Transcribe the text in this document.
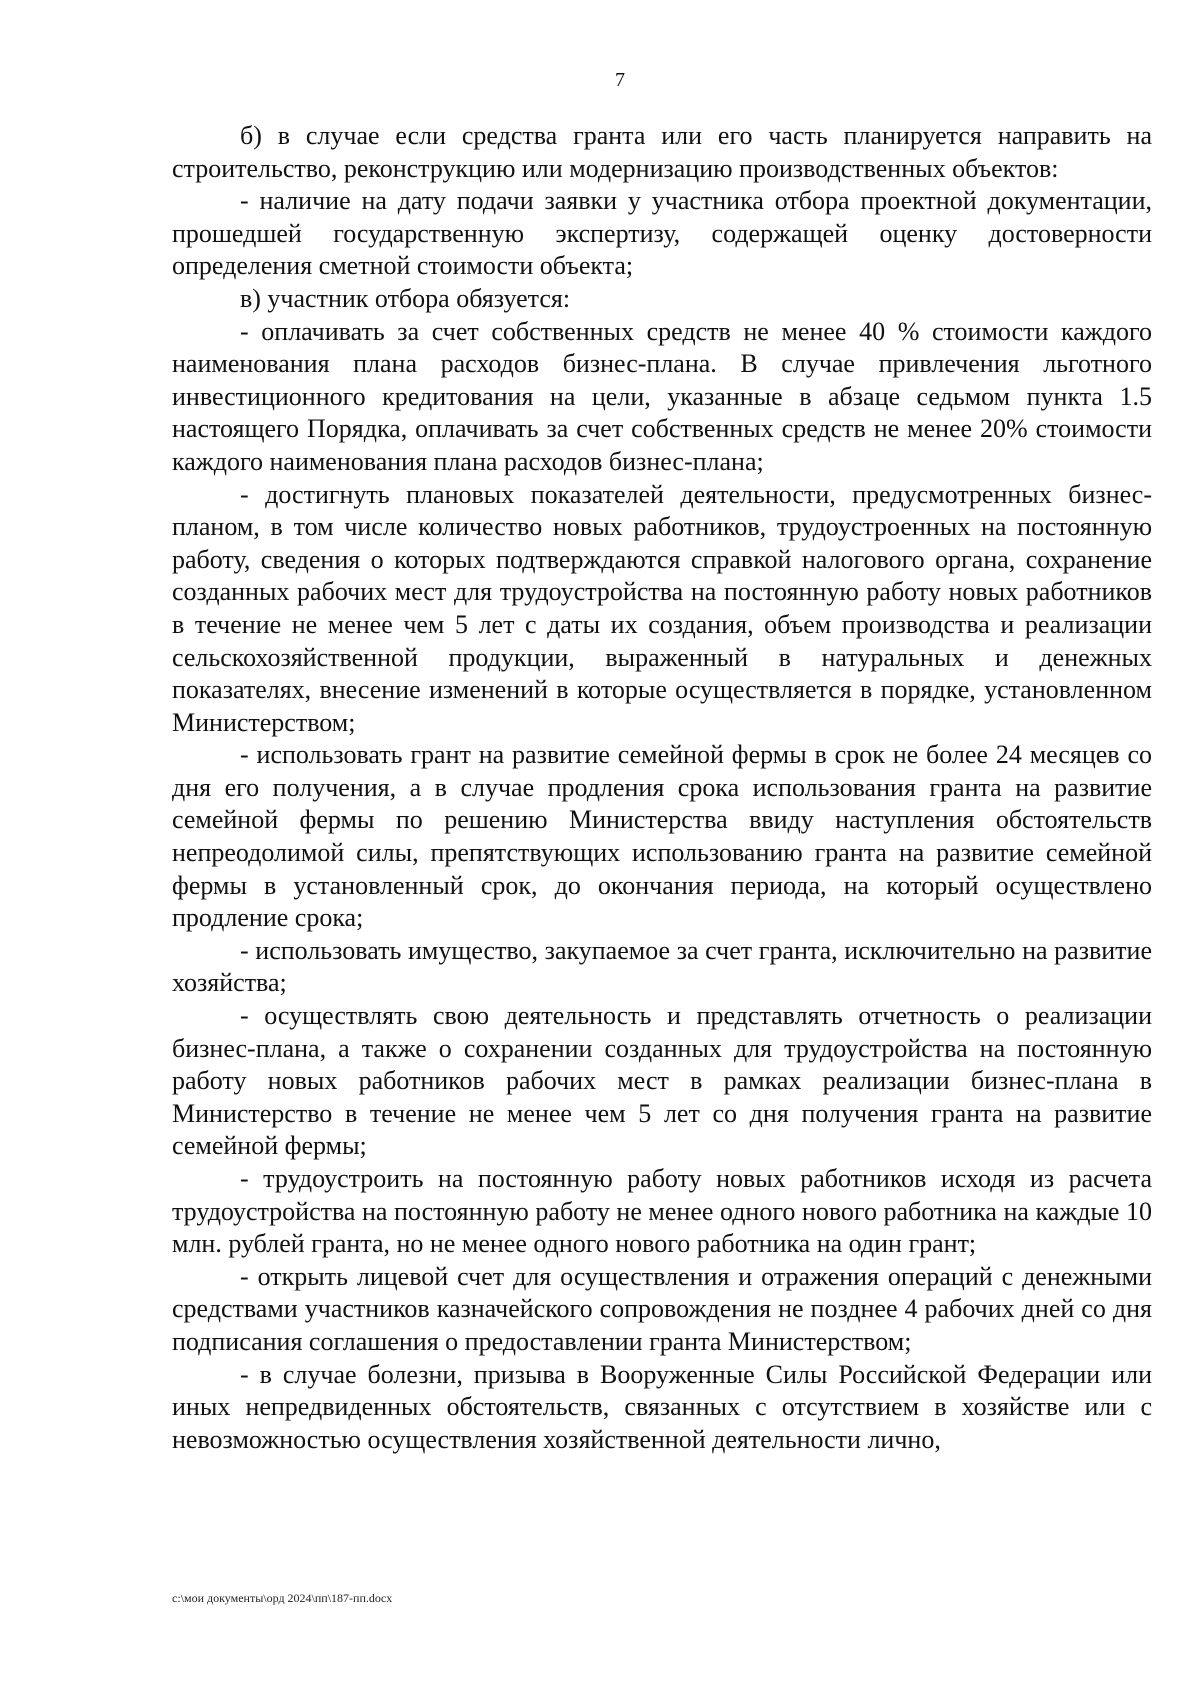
7

б) в случае если средства гранта или его часть планируется направить на строительство, реконструкцию или модернизацию производственных объектов:

- наличие на дату подачи заявки у участника отбора проектной документации, прошедшей государственную экспертизу, содержащей оценку достоверности определения сметной стоимости объекта;

в) участник отбора обязуется:

- оплачивать за счет собственных средств не менее 40 % стоимости каждого наименования плана расходов бизнес-плана. В случае привлечения льготного инвестиционного кредитования на цели, указанные в абзаце седьмом пункта 1.5 настоящего Порядка, оплачивать за счет собственных средств не менее 20% стоимости каждого наименования плана расходов бизнес-плана;

- достигнуть плановых показателей деятельности, предусмотренных бизнес-планом, в том числе количество новых работников, трудоустроенных на постоянную работу, сведения о которых подтверждаются справкой налогового органа, сохранение созданных рабочих мест для трудоустройства на постоянную работу новых работников в течение не менее чем 5 лет с даты их создания, объем производства и реализации сельскохозяйственной продукции, выраженный в натуральных и денежных показателях, внесение изменений в которые осуществляется в порядке, установленном Министерством;

- использовать грант на развитие семейной фермы в срок не более 24 месяцев со дня его получения, а в случае продления срока использования гранта на развитие семейной фермы по решению Министерства ввиду наступления обстоятельств непреодолимой силы, препятствующих использованию гранта на развитие семейной фермы в установленный срок, до окончания периода, на который осуществлено продление срока;

- использовать имущество, закупаемое за счет гранта, исключительно на развитие хозяйства;

- осуществлять свою деятельность и представлять отчетность о реализации бизнес-плана, а также о сохранении созданных для трудоустройства на постоянную работу новых работников рабочих мест в рамках реализации бизнес-плана в Министерство в течение не менее чем 5 лет со дня получения гранта на развитие семейной фермы;

- трудоустроить на постоянную работу новых работников исходя из расчета трудоустройства на постоянную работу не менее одного нового работника на каждые 10 млн. рублей гранта, но не менее одного нового работника на один грант;

- открыть лицевой счет для осуществления и отражения операций с денежными средствами участников казначейского сопровождения не позднее 4 рабочих дней со дня подписания соглашения о предоставлении гранта Министерством;

- в случае болезни, призыва в Вооруженные Силы Российской Федерации или иных непредвиденных обстоятельств, связанных с отсутствием в хозяйстве или с невозможностью осуществления хозяйственной деятельности лично,

c:\мои документы\орд 2024\пп\187-пп.docx
